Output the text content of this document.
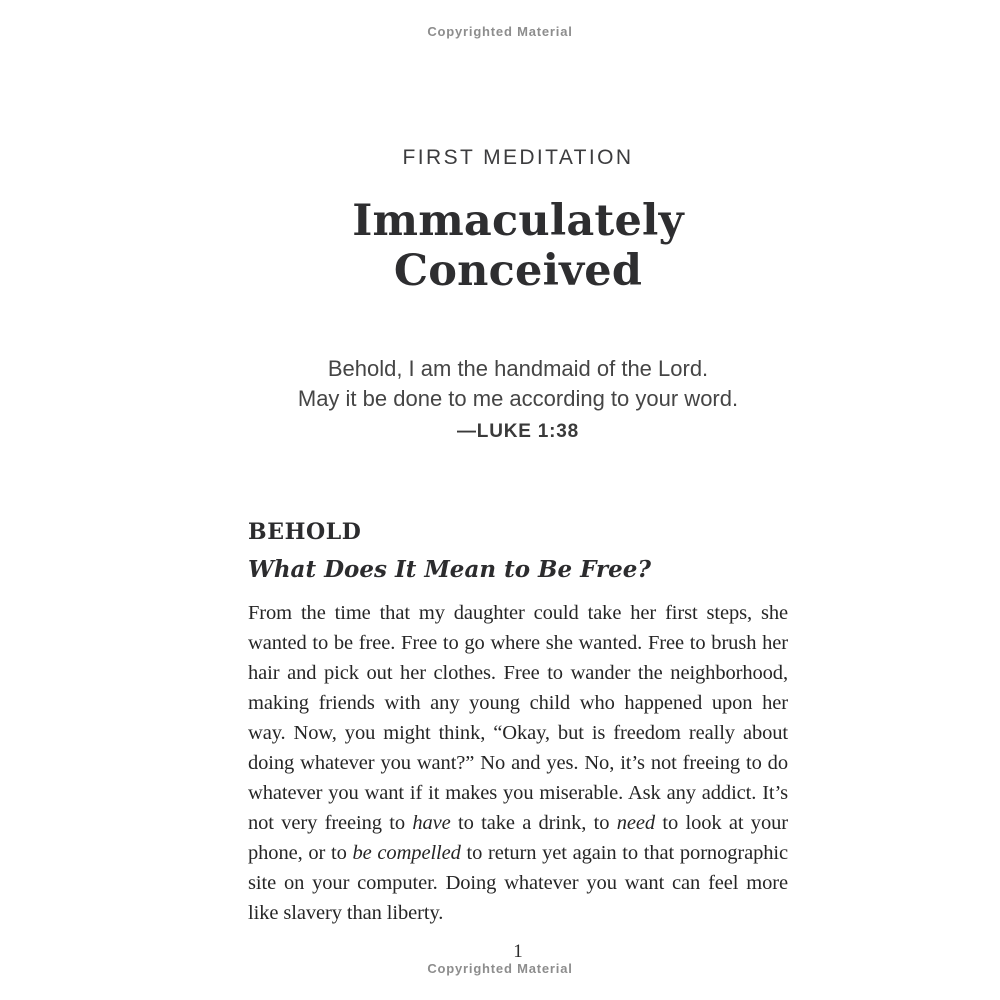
Copyrighted Material
FIRST MEDITATION
Immaculately Conceived
Behold, I am the handmaid of the Lord.
May it be done to me according to your word.
—LUKE 1:38
BEHOLD
What Does It Mean to Be Free?
From the time that my daughter could take her first steps, she wanted to be free. Free to go where she wanted. Free to brush her hair and pick out her clothes. Free to wander the neighborhood, making friends with any young child who happened upon her way. Now, you might think, “Okay, but is freedom really about doing whatever you want?” No and yes. No, it’s not freeing to do whatever you want if it makes you miserable. Ask any addict. It’s not very freeing to have to take a drink, to need to look at your phone, or to be compelled to return yet again to that pornographic site on your computer. Doing whatever you want can feel more like slavery than liberty.
1
Copyrighted Material
